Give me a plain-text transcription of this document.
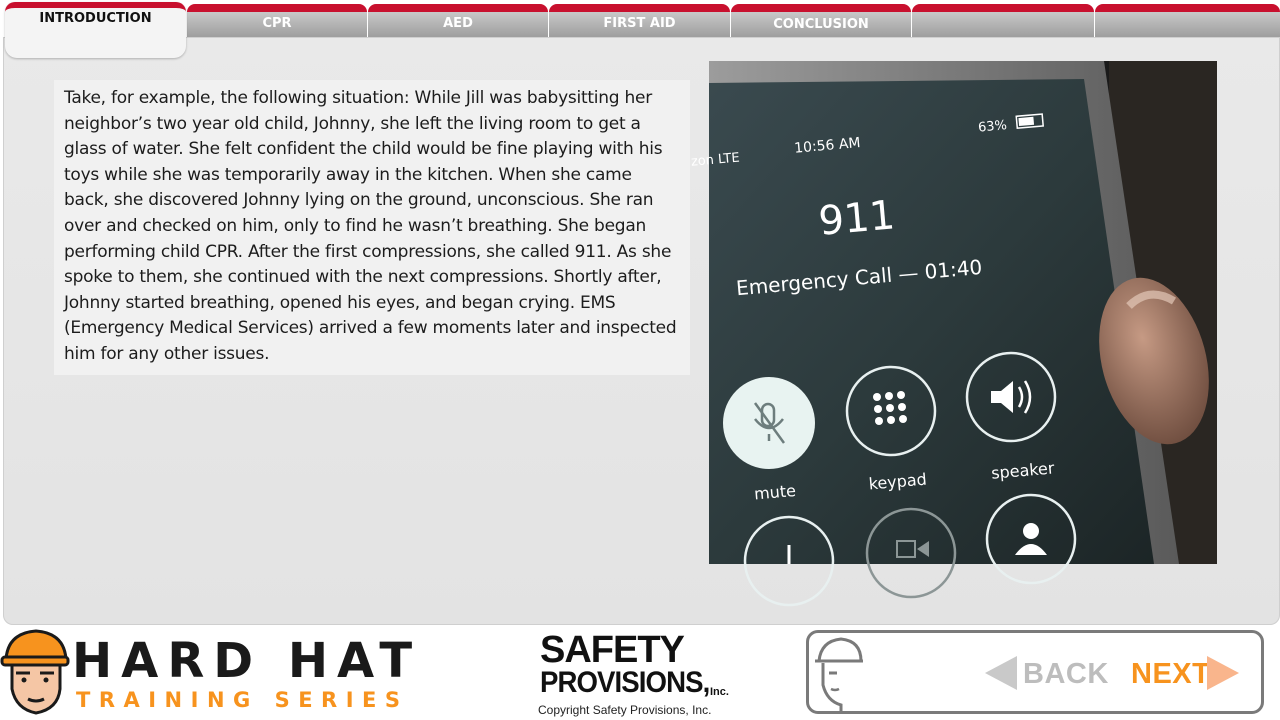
INTRODUCTION	CPR	AED	FIRST AID	CONCLUSION

Take, for example, the following situation: While Jill was babysitting her neighbor’s two year old child, Johnny, she left the living room to get a glass of water. She felt confident the child would be fine playing with his toys while she was temporarily away in the kitchen. When she came back, she discovered Johnny lying on the ground, unconscious. She ran over and checked on him, only to find he wasn’t breathing. She began performing child CPR. After the first compressions, she called 911. As she spoke to them, she continued with the next compressions. Shortly after, Johnny started breathing, opened his eyes, and began crying. EMS (Emergency Medical Services) arrived a few moments later and inspected him for any other issues.

zon LTE
10:56 AM
63%
911
Emergency Call — 01:40
mute	keypad	speaker
HARD HAT
TRAINING SERIES
SAFETY
PROVISIONS, Inc.
Copyright Safety Provisions, Inc.
BACK NEXT
